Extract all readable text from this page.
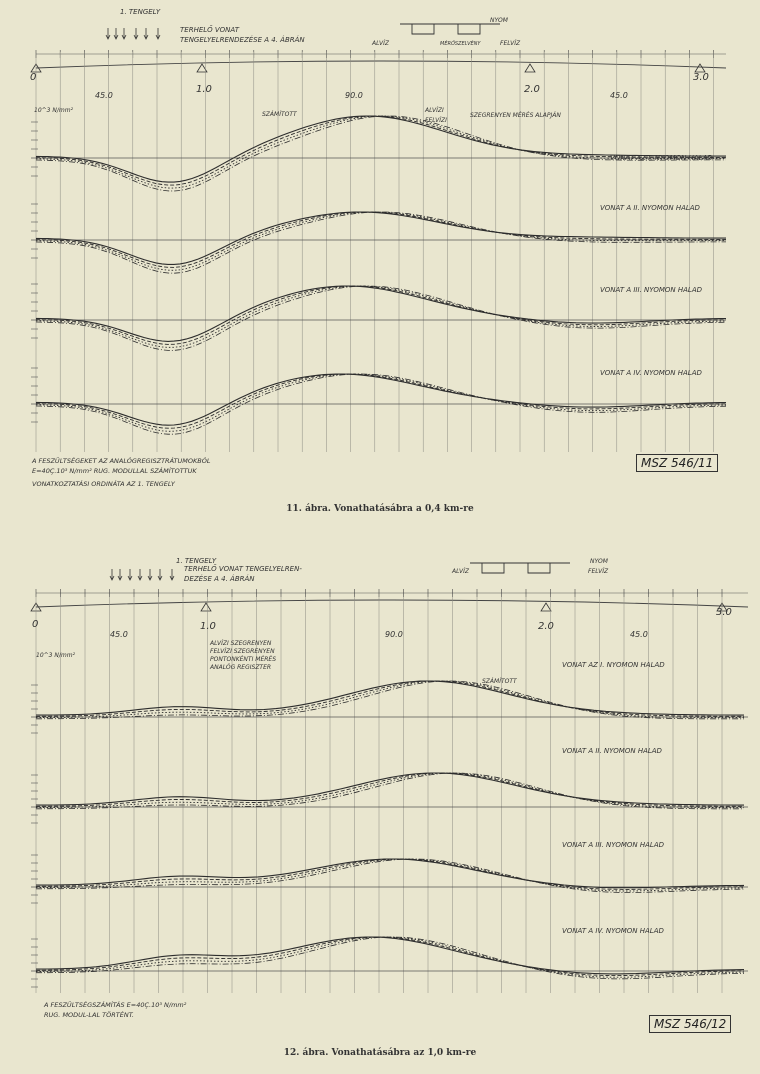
1. TENGELY
TERHELŐ VONAT
TENGELYELRENDEZÉSE A 4. ÁBRÁN	ALVÍZ	FELVÍZ
MÉRŐSZELVÉNY
NYOM
45.0	90.0	45.0
0
1.0	2.0
3.0
10^3 N/mm²
SZÁMÍTOTT
ALVÍZI
FELVÍZI
SZEGRENYEN MÉRÉS ALAPJÁN
VONAT AZ I. NYOMON HALAD
VONAT A II. NYOMON HALAD
VONAT A III. NYOMON HALAD
VONAT A IV. NYOMON HALAD
A FESZÜLTSÉGEKET AZ ANALÓGREGISZTRÁTUMOKBÓL
E=40Ç.10³ N/mm² RUG. MODULLAL SZÁMÍTOTTUK
VONATKOZTATÁSI ORDINÁTA AZ 1. TENGELY
MSZ 546/11
11. ábra. Vonathatásábra a 0,4 km-re
1. TENGELY
TERHELŐ VONAT TENGELYELREN-
DEZÉSE A 4. ÁBRÁN
ALVÍZ	FELVÍZ
NYOM
45.0	90.0	45.0
0	1.0	2.0
3.0
10^3 N/mm²
ALVÍZI SZEGRENYEN
FELVÍZI SZEGRENYEN
PONTONKÉNTI MÉRÉS
ANALÓG REGISZTER
SZÁMÍTOTT
VONAT AZ I. NYOMON HALAD
VONAT A II. NYOMON HALAD
VONAT A III. NYOMON HALAD
VONAT A IV. NYOMON HALAD
A FESZÜLTSÉGSZÁMÍTÁS E=40Ç.10³ N/mm²
RUG. MODUL-LAL TÖRTÉNT.
MSZ 546/12
12. ábra. Vonathatásábra az 1,0 km-re
